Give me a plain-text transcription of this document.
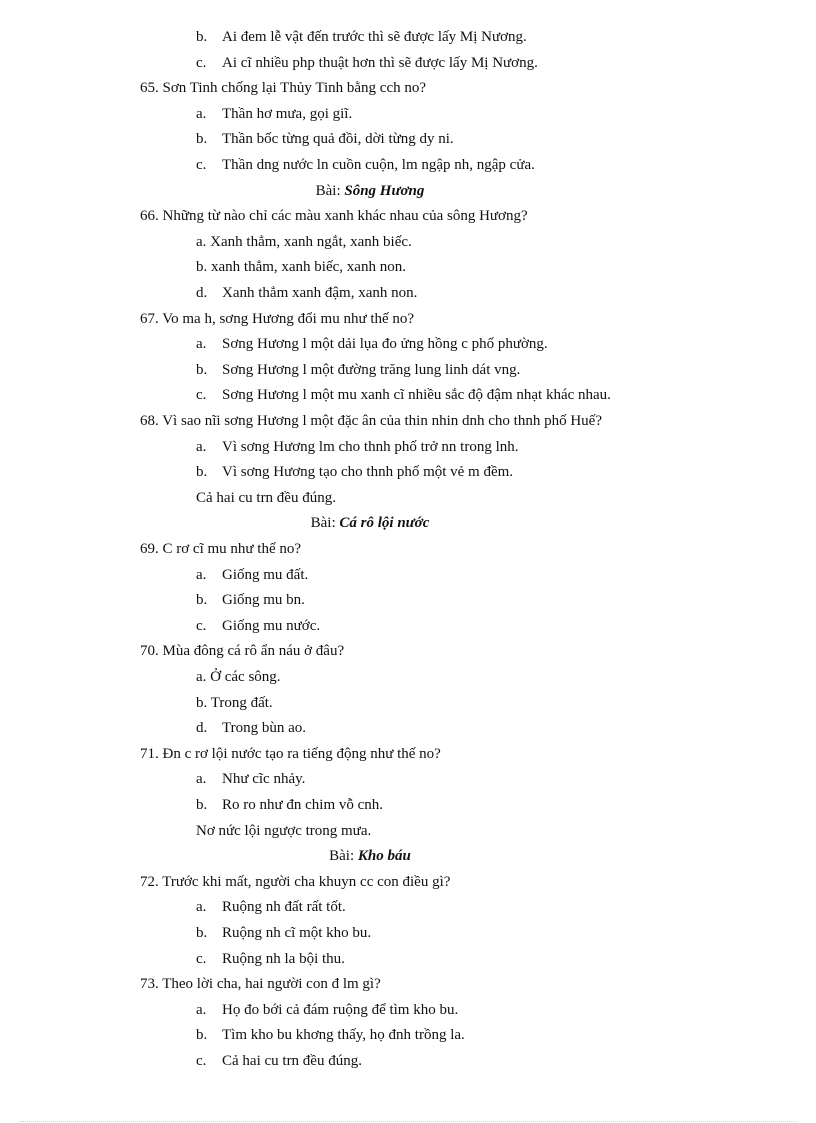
b. Ai đem lễ vật đến trước thì sẽ được lấy Mị Nương.
c. Ai cĩ nhiều php thuật hơn thì sẽ được lấy Mị Nương.
65. Sơn Tinh chống lại Thủy Tinh bằng cch no?
a. Thần hơ mưa, gọi giĩ.
b. Thần bốc từng quả đồi, dời từng dy ni.
c. Thần dng nước ln cuồn cuộn, lm ngập nh, ngập cửa.
Bài: Sông Hương
66. Những từ nào chỉ các màu xanh khác nhau của sông Hương?
a. Xanh thẳm, xanh ngắt, xanh biếc.
b. xanh thẳm, xanh biếc, xanh non.
d. Xanh thẳm xanh đậm, xanh non.
67. Vo ma h, sơng Hương đổi mu như thế no?
a. Sơng Hương l một dải lụa đo ửng hồng c phố phường.
b. Sơng Hương l một đường trăng lung linh dát vng.
c. Sơng Hương l một mu xanh cĩ nhiều sắc độ đậm nhạt khác nhau.
68. Vì sao nĩi sơng Hương l một đặc ân của thin nhin dnh cho thnh phố Huế?
a. Vì sơng Hương lm cho thnh phố trở nn trong lnh.
b. Vì sơng Hương tạo cho thnh phố một vẻ m đềm.
Cả hai cu trn đều đúng.
Bài: Cá rô lội nước
69. C rơ cĩ mu như thế no?
a. Giống mu đất.
b. Giống mu bn.
c. Giống mu nước.
70. Mùa đông cá rô ẩn náu ở đâu?
a. Ở các sông.
b. Trong đất.
d. Trong bùn ao.
71. Đn c rơ lội nước tạo ra tiếng động như thế no?
a. Như cĩc nhảy.
b. Ro ro như đn chim vỗ cnh.
Nơ nức lội ngược trong mưa.
Bài: Kho báu
72. Trước khi mất, người cha khuyn cc con điều gì?
a. Ruộng nh đất rất tốt.
b. Ruộng nh cĩ một kho bu.
c. Ruộng nh la bội thu.
73. Theo lời cha, hai người con đ lm gì?
a. Họ đo bới cả đám ruộng để tìm kho bu.
b. Tìm kho bu khơng thấy, họ đnh trồng la.
c. Cả hai cu trn đều đúng.
